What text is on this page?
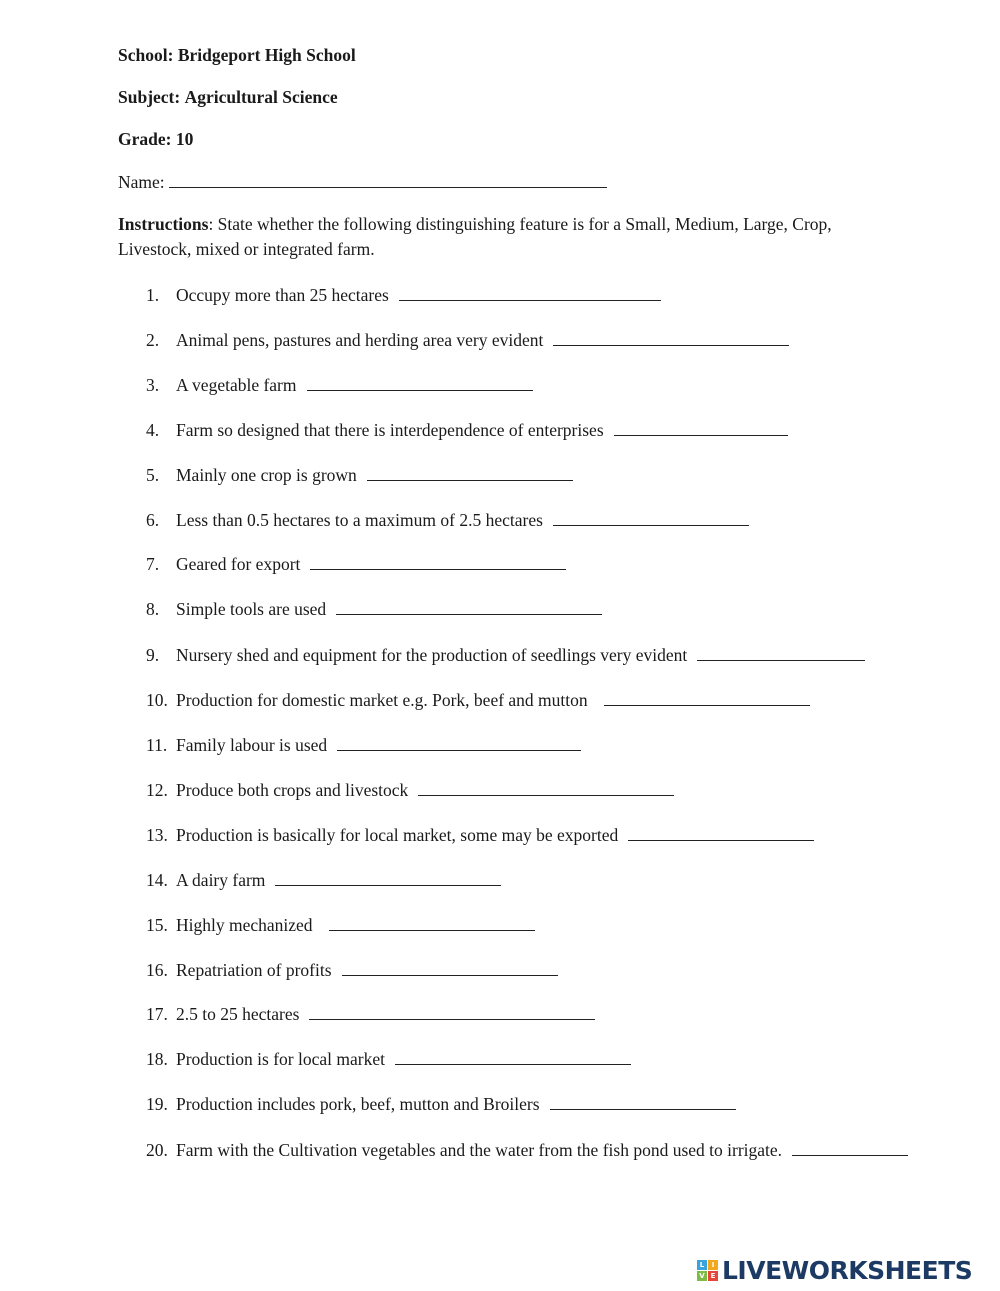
School: Bridgeport High School
Subject: Agricultural Science
Grade: 10
Name:
Instructions: State whether the following distinguishing feature is for a Small, Medium, Large, Crop, Livestock, mixed or integrated farm.
1. Occupy more than 25 hectares
2. Animal pens, pastures and herding area very evident
3. A vegetable farm
4. Farm so designed that there is interdependence of enterprises
5. Mainly one crop is grown
6. Less than 0.5 hectares to a maximum of 2.5 hectares
7. Geared for export
8. Simple tools are used
9. Nursery shed and equipment for the production of seedlings very evident
10. Production for domestic market e.g. Pork, beef and mutton
11. Family labour is used
12. Produce both crops and livestock
13. Production is basically for local market, some may be exported
14. A dairy farm
15. Highly mechanized
16. Repatriation of profits
17. 2.5 to 25 hectares
18. Production is for local market
19. Production includes pork, beef, mutton and Broilers
20. Farm with the Cultivation vegetables and the water from the fish pond used to irrigate.
L	I
V E LIVEWORKSHEETS
